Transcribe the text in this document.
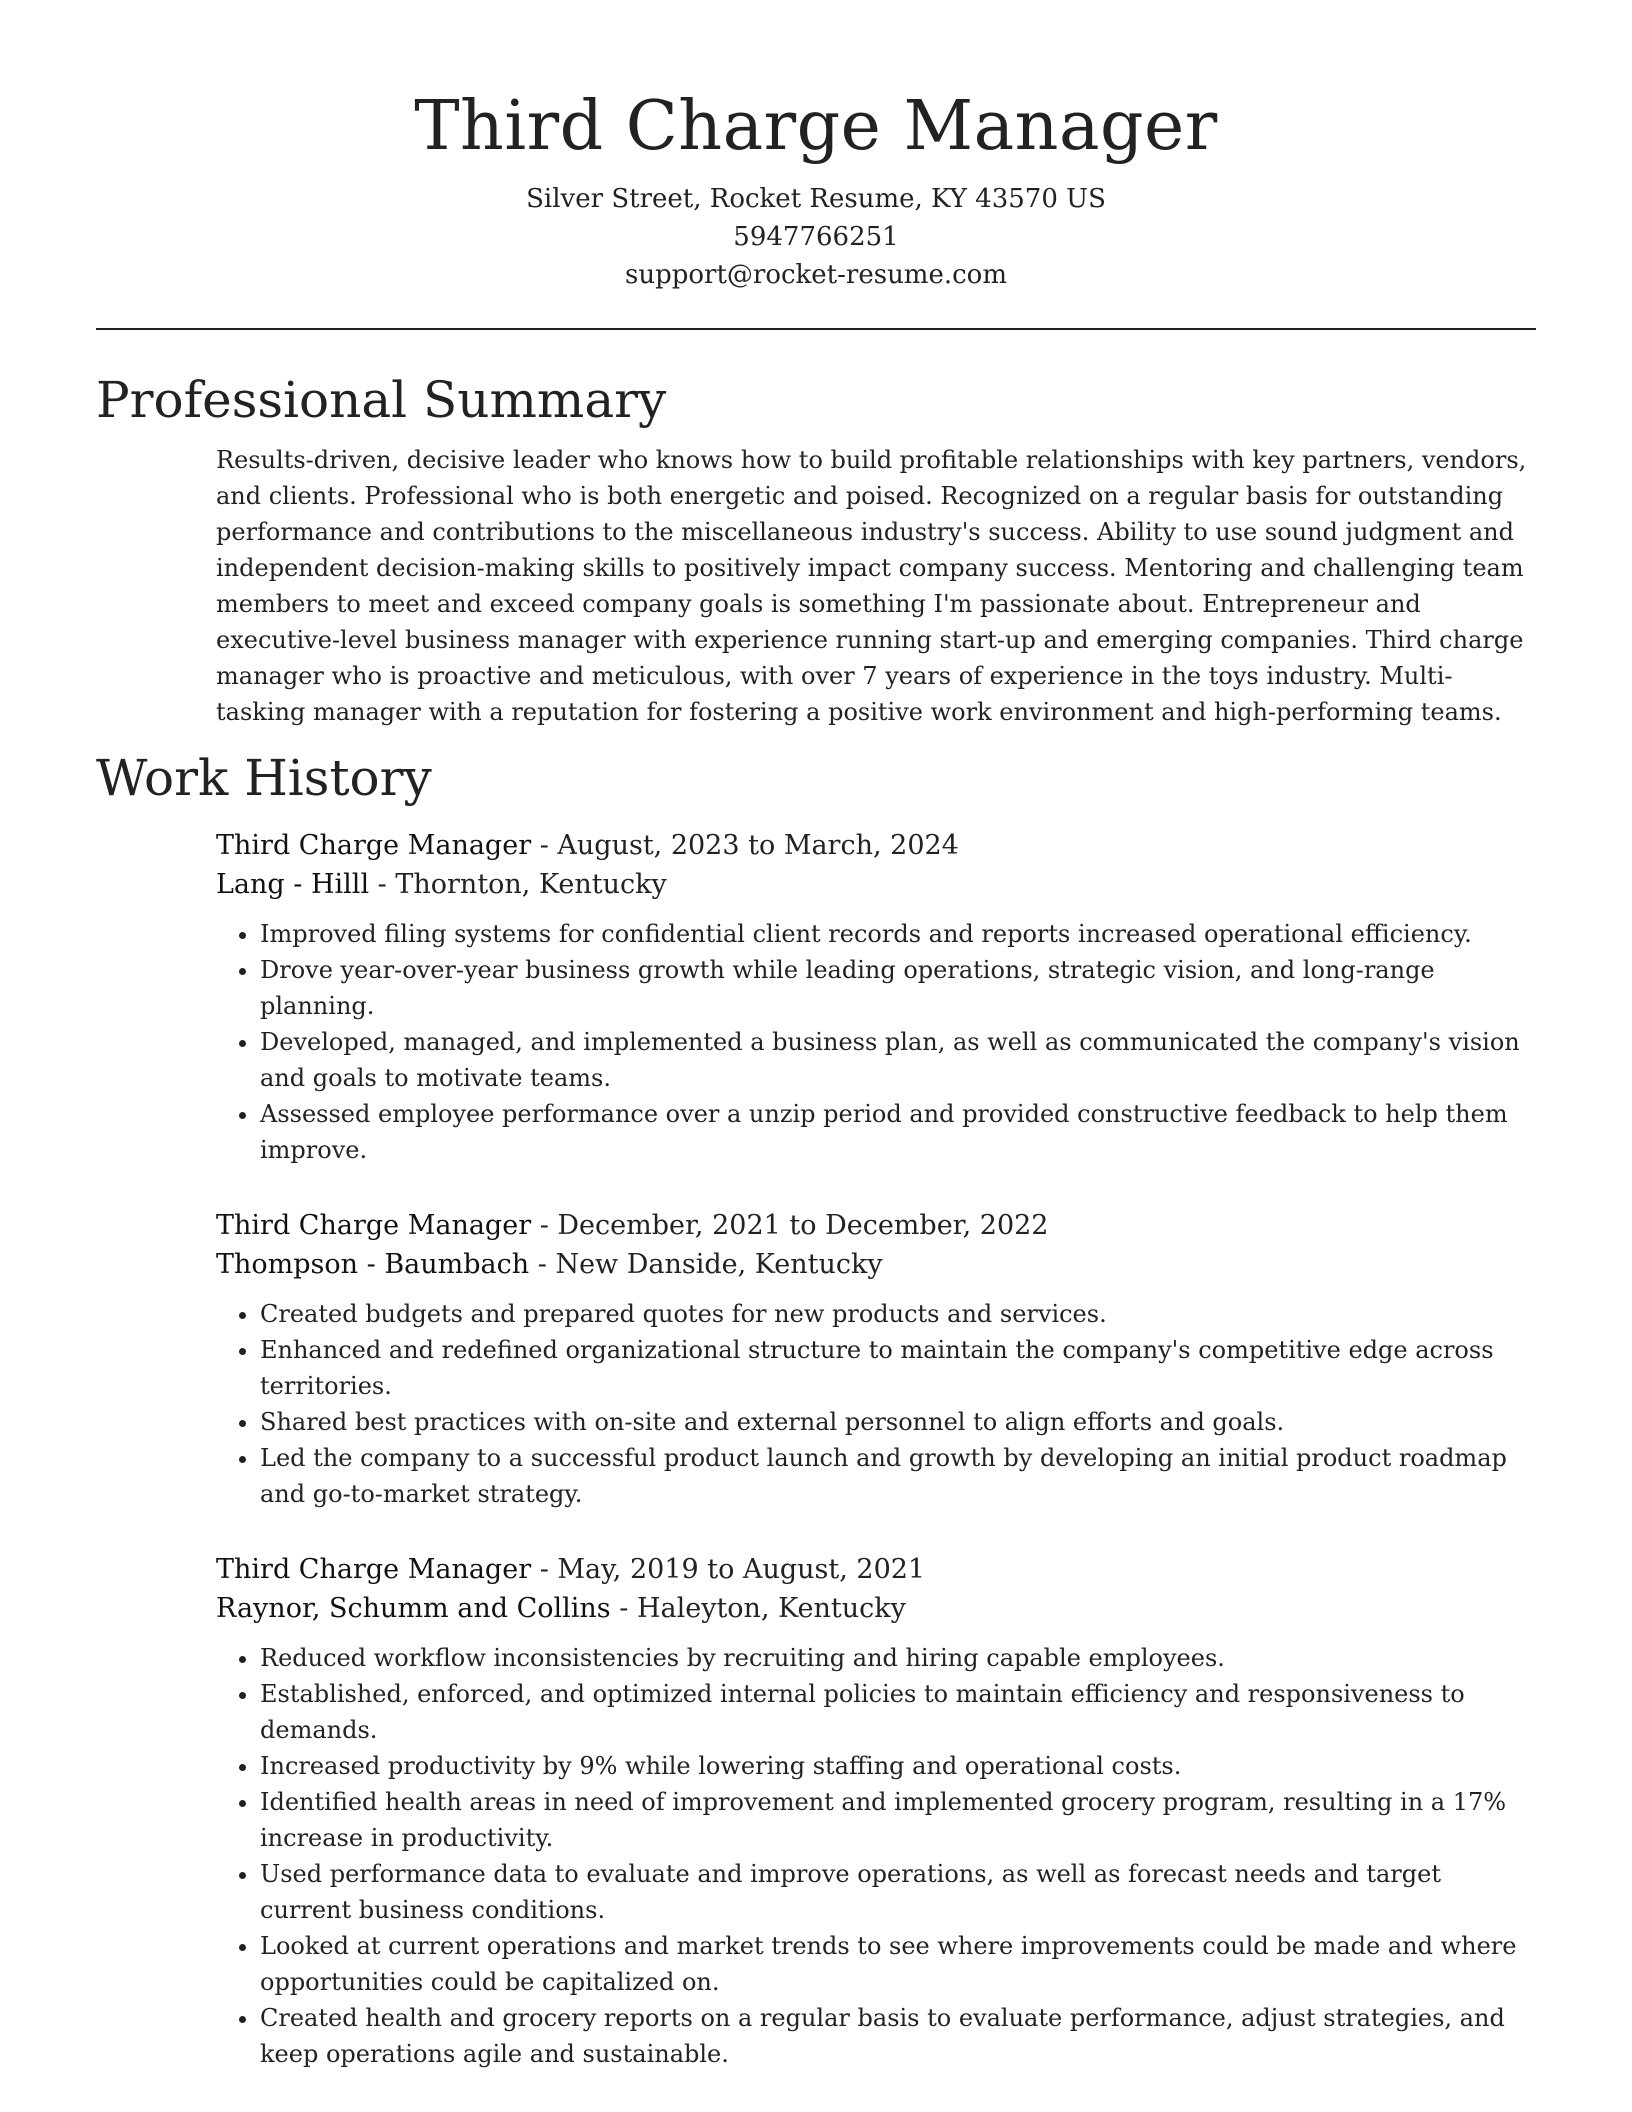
Third Charge Manager

Silver Street, Rocket Resume, KY 43570 US

5947766251

support@rocket-resume.com

Professional Summary

Results-driven, decisive leader who knows how to build profitable relationships with key partners, vendors, and clients. Professional who is both energetic and poised. Recognized on a regular basis for outstanding performance and contributions to the miscellaneous industry's success. Ability to use sound judgment and independent decision-making skills to positively impact company success. Mentoring and challenging team members to meet and exceed company goals is something I'm passionate about. Entrepreneur and executive-level business manager with experience running start-up and emerging companies. Third charge manager who is proactive and meticulous, with over 7 years of experience in the toys industry. Multi-tasking manager with a reputation for fostering a positive work environment and high-performing teams.

Work History

Third Charge Manager - August, 2023 to March, 2024

Lang - Hilll - Thornton, Kentucky

• Improved filing systems for confidential client records and reports increased operational efficiency.
• Drove year-over-year business growth while leading operations, strategic vision, and long-range planning.
• Developed, managed, and implemented a business plan, as well as communicated the company's vision and goals to motivate teams.
• Assessed employee performance over a unzip period and provided constructive feedback to help them improve.

Third Charge Manager - December, 2021 to December, 2022

Thompson - Baumbach - New Danside, Kentucky

• Created budgets and prepared quotes for new products and services.
• Enhanced and redefined organizational structure to maintain the company's competitive edge across territories.
• Shared best practices with on-site and external personnel to align efforts and goals.
• Led the company to a successful product launch and growth by developing an initial product roadmap and go-to-market strategy.

Third Charge Manager - May, 2019 to August, 2021

Raynor, Schumm and Collins - Haleyton, Kentucky

• Reduced workflow inconsistencies by recruiting and hiring capable employees.
• Established, enforced, and optimized internal policies to maintain efficiency and responsiveness to demands.
• Increased productivity by 9% while lowering staffing and operational costs.
• Identified health areas in need of improvement and implemented grocery program, resulting in a 17% increase in productivity.
• Used performance data to evaluate and improve operations, as well as forecast needs and target current business conditions.
• Looked at current operations and market trends to see where improvements could be made and where opportunities could be capitalized on.
• Created health and grocery reports on a regular basis to evaluate performance, adjust strategies, and keep operations agile and sustainable.
